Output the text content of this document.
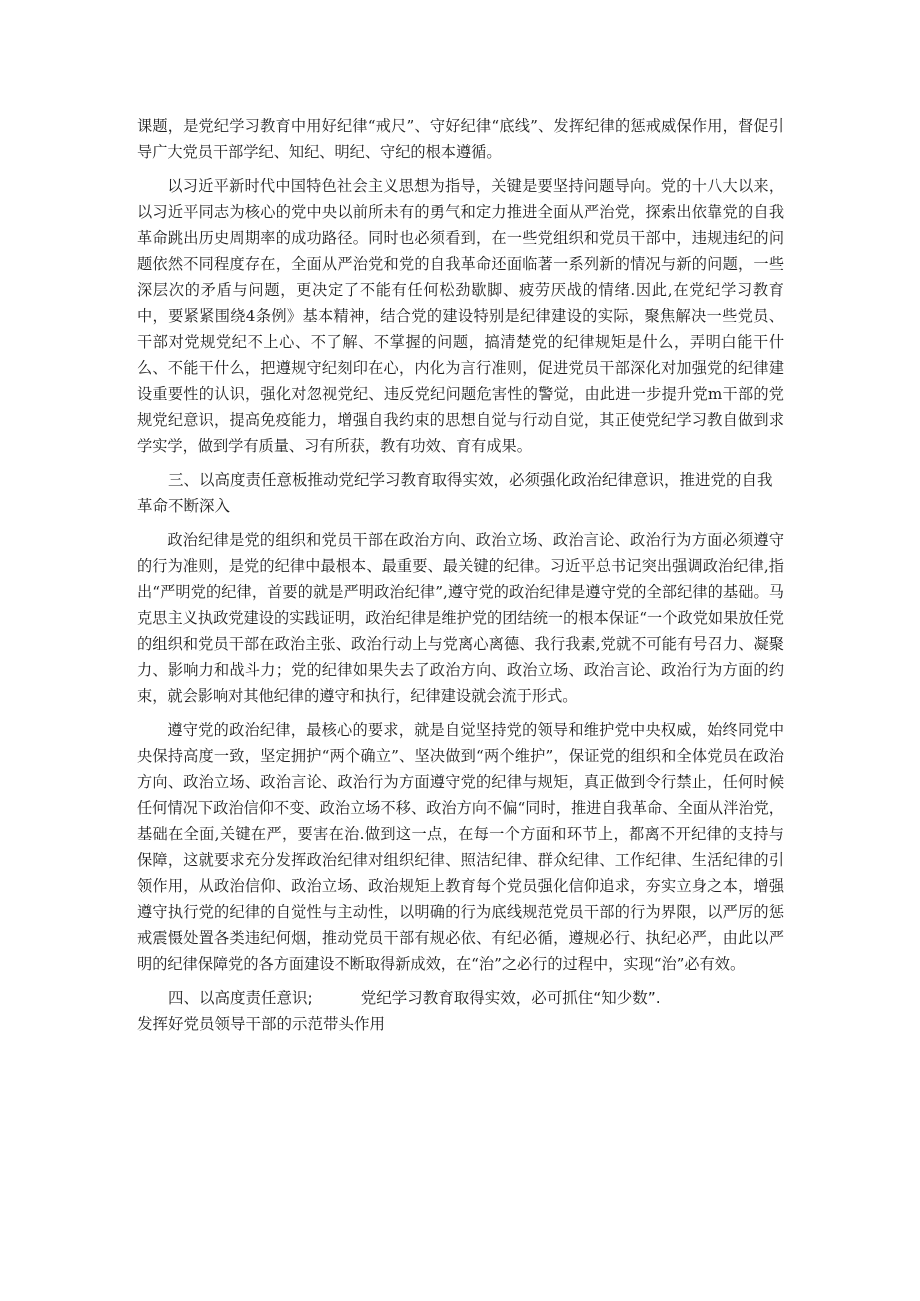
课题，是党纪学习教育中用好纪律“戒尺”、守好纪律“底线”、发挥纪律的惩戒威保作用，督促引导广大党员干部学纪、知纪、明纪、守纪的根本遵循。

以习近平新时代中国特色社会主义思想为指导，关键是要坚持问题导向。党的十八大以来，以习近平同志为核心的党中央以前所未有的勇气和定力推进全面从严治党，探索出依靠党的自我革命跳出历史周期率的成功路径。同时也必须看到，在一些党组织和党员干部中，违规违纪的问题依然不同程度存在，全面从严治党和党的自我革命还面临著一系列新的情况与新的问题，一些深层次的矛盾与问题，更决定了不能有任何松劲歇脚、疲劳厌战的情绪.因此,在党纪学习教育中，要紧紧围绕4条例》基本精神，结合党的建设特别是纪律建设的实际，聚焦解决一些党员、干部对党规党纪不上心、不了解、不掌握的问题，搞清楚党的纪律规矩是什么，弄明白能干什么、不能干什么，把遵规守纪刻印在心，内化为言行准则，促进党员干部深化对加强党的纪律建设重要性的认识，强化对忽视党纪、违反党纪问题危害性的警觉，由此进一步提升党m干部的党规党纪意识，提高免疫能力，增强自我约束的思想自觉与行动自觉，其正使党纪学习教自做到求学实学，做到学有质量、习有所获，教有功效、育有成果。

三、以高度责任意板推动党纪学习教育取得实效，必须强化政治纪律意识，推进党的自我革命不断深入

政治纪律是党的组织和党员干部在政治方向、政治立场、政治言论、政治行为方面必须遵守的行为准则，是党的纪律中最根本、最重要、最关键的纪律。习近平总书记突出强调政治纪律,指出“严明党的纪律，首要的就是严明政治纪律”,遵守党的政治纪律是遵守党的全部纪律的基础。马克思主义执政党建设的实践证明，政治纪律是维护党的团结统一的根本保证“一个政党如果放任党的组织和党员干部在政治主张、政治行动上与党离心离德、我行我素,党就不可能有号召力、凝聚力、影响力和战斗力；党的纪律如果失去了政治方向、政治立场、政治言论、政治行为方面的约束，就会影响对其他纪律的遵守和执行，纪律建设就会流于形式。

遵守党的政治纪律，最核心的要求，就是自觉坚持党的领导和维护党中央权威，始终同党中央保持高度一致，坚定拥护“两个确立”、坚决做到“两个维护”，保证党的组织和全体党员在政治方向、政治立场、政治言论、政治行为方面遵守党的纪律与规矩，真正做到令行禁止，任何时候任何情况下政治信仰不变、政治立场不移、政治方向不偏“同时，推进自我革命、全面从泮治党，基础在全面,关键在严，要害在治.做到这一点，在每一个方面和环节上，都离不开纪律的支持与保障，这就要求充分发挥政治纪律对组织纪律、照洁纪律、群众纪律、工作纪律、生活纪律的引领作用，从政治信仰、政治立场、政治规矩上教育每个党员强化信仰追求，夯实立身之本，增强遵守执行党的纪律的自觉性与主动性，以明确的行为底线规范党员干部的行为界限，以严厉的惩戒震慑处置各类违纪何烟，推动党员干部有规必依、有纪必循，遵规必行、执纪必严，由此以严明的纪律保障党的各方面建设不断取得新成效，在“治”之必行的过程中，实现“治”必有效。

四、以高度责任意识;	党纪学习教育取得实效，必可抓住“知少数”.
发挥好党员领导干部的示范带头作用
